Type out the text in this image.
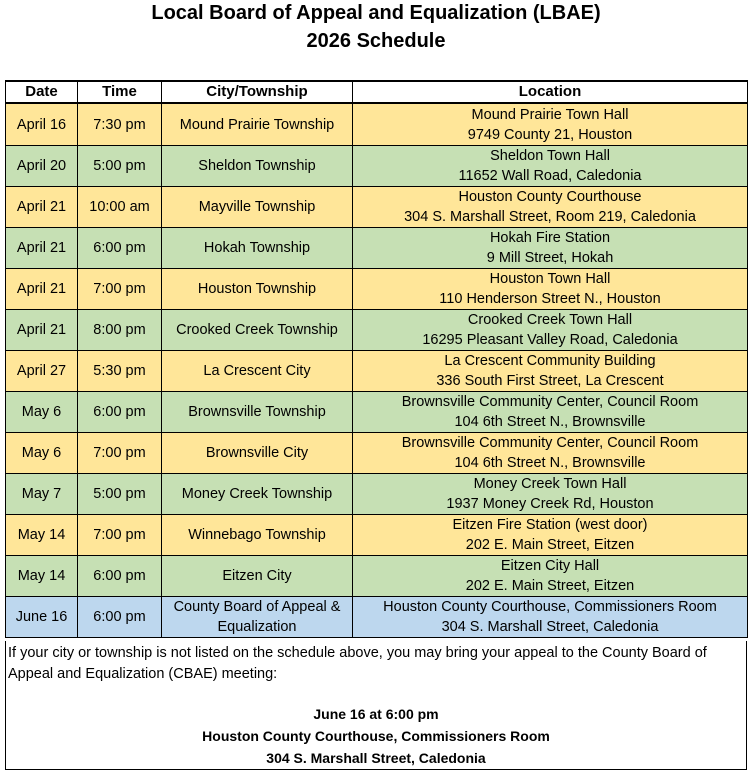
Local Board of Appeal and Equalization (LBAE)
2026 Schedule
Date	Time	City/Township	Location
April 16	7:30 pm	Mound Prairie Township	Mound Prairie Town Hall
9749 County 21, Houston

April 20	5:00 pm	Sheldon Township	Sheldon Town Hall
11652 Wall Road, Caledonia

April 21	10:00 am	Mayville Township	Houston County Courthouse
304 S. Marshall Street, Room 219, Caledonia

April 21	6:00 pm	Hokah Township	Hokah Fire Station
9 Mill Street, Hokah

April 21	7:00 pm	Houston Township	Houston Town Hall
110 Henderson Street N., Houston

April 21	8:00 pm	Crooked Creek Township	Crooked Creek Town Hall
16295 Pleasant Valley Road, Caledonia

April 27	5:30 pm	La Crescent City	La Crescent Community Building
336 South First Street, La Crescent

May 6	6:00 pm	Brownsville Township	Brownsville Community Center, Council Room
104 6th Street N., Brownsville

May 6	7:00 pm	Brownsville City	Brownsville Community Center, Council Room
104 6th Street N., Brownsville

May 7	5:00 pm	Money Creek Township	Money Creek Town Hall
1937 Money Creek Rd, Houston

May 14	7:00 pm	Winnebago Township	Eitzen Fire Station (west door)
202 E. Main Street, Eitzen

May 14	6:00 pm	Eitzen City	Eitzen City Hall
202 E. Main Street, Eitzen

June 16	6:00 pm	County Board of Appeal & Equalization	Houston County Courthouse, Commissioners Room
304 S. Marshall Street, Caledonia
If your city or township is not listed on the schedule above, you may bring your appeal to the County Board of Appeal and Equalization (CBAE) meeting:
June 16 at 6:00 pm
Houston County Courthouse, Commissioners Room
304 S. Marshall Street, Caledonia
